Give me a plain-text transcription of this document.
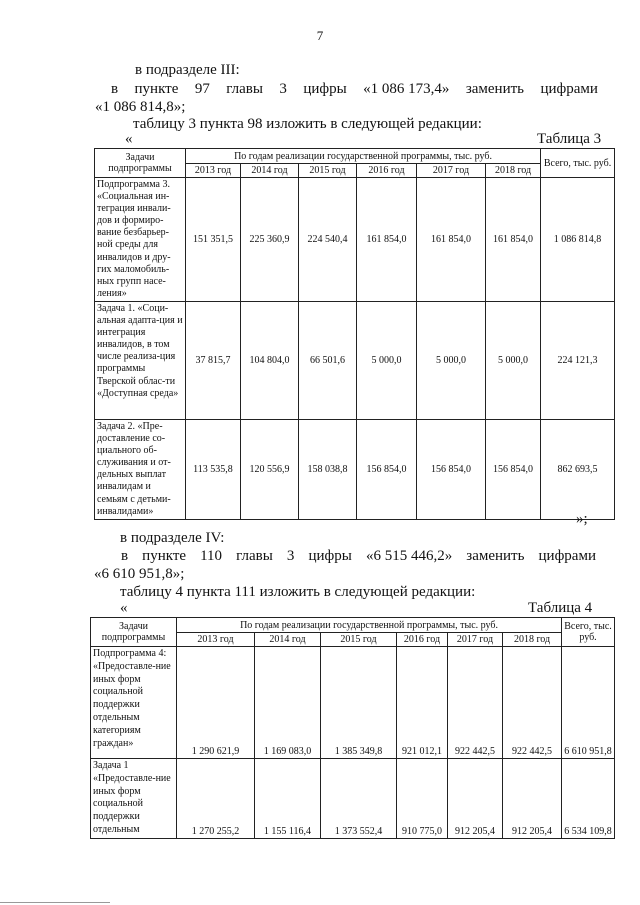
7
в подразделе III:
в пункте 97 главы 3 цифры «1 086 173,4» заменить цифрами
«1 086 814,8»;
таблицу 3 пункта 98 изложить в следующей редакции:
«	Таблица 3
Задачи подпрограммы	По годам реализации государственной программы, тыс. руб.						Всего, тыс. руб.
	2013 год	2014 год	2015 год	2016 год	2017 год	2018 год	
Подпрограмма 3. «Социальная ин-теграция инвали-дов и формиро-вание безбарьер-ной среды для инвалидов и дру-гих маломобиль-ных групп насе-ления»	151 351,5	225 360,9	224 540,4	161 854,0	161 854,0	161 854,0	1 086 814,8
Задача 1. «Соци-альная адапта-ция и интеграция инвалидов, в том числе реализа-ция программы Тверской облас-ти «Доступная среда»	37 815,7	104 804,0	66 501,6	5 000,0	5 000,0	5 000,0	224 121,3
Задача 2. «Пре-доставление со-циального об-служивания и от-дельных выплат инвалидам и семьям с детьми-инвалидами»	113 535,8	120 556,9	158 038,8	156 854,0	156 854,0	156 854,0	862 693,5
»;
в подразделе IV:
в пункте 110 главы 3 цифры «6 515 446,2» заменить цифрами
«6 610 951,8»;
таблицу 4 пункта 111 изложить в следующей редакции:
«	Таблица 4
Задачи подпрограммы	По годам реализации государственной программы, тыс. руб.						Всего, тыс. руб.
	2013 год	2014 год	2015 год	2016 год	2017 год	2018 год	
Подпрограмма 4: «Предоставле-ние иных форм социальной поддержки отдельным категориям граждан»	1 290 621,9	1 169 083,0	1 385 349,8	921 012,1	922 442,5	922 442,5	6 610 951,8
Задача 1 «Предоставле-ние иных форм социальной поддержки отдельным	1 270 255,2	1 155 116,4	1 373 552,4	910 775,0	912 205,4	912 205,4	6 534 109,8
